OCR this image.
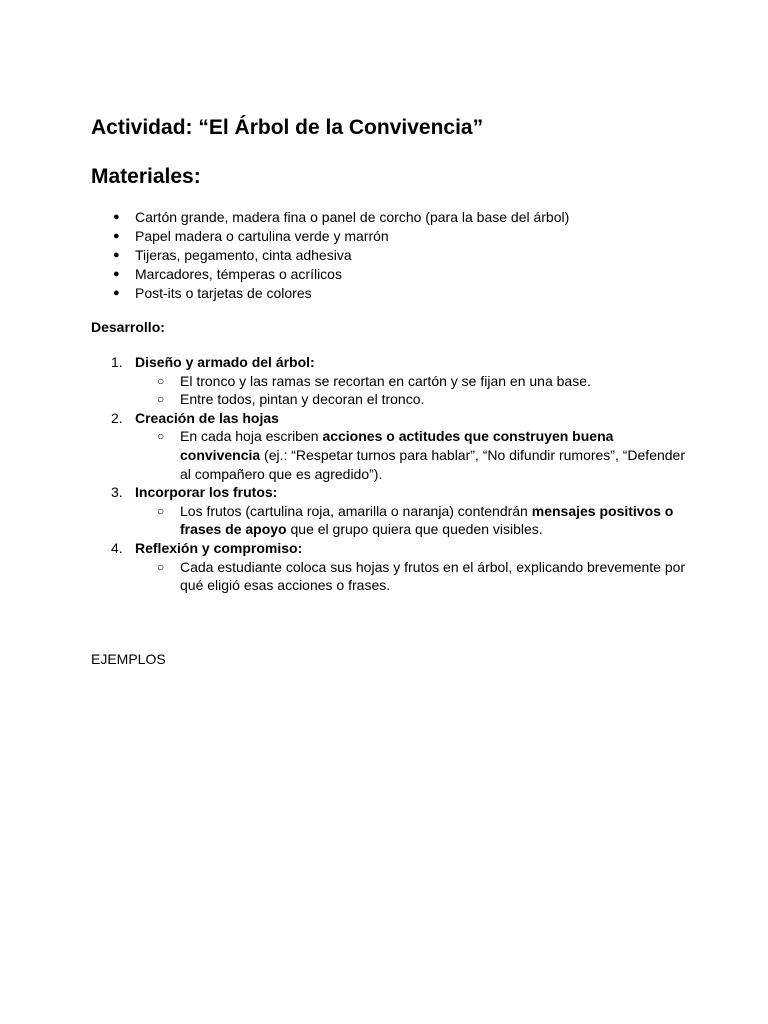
Actividad: “El Árbol de la Convivencia”
Materiales:
● Cartón grande, madera fina o panel de corcho (para la base del árbol)
● Papel madera o cartulina verde y marrón
● Tijeras, pegamento, cinta adhesiva
● Marcadores, témperas o acrílicos
● Post-its o tarjetas de colores
Desarrollo:
1. Diseño y armado del árbol:
○ El tronco y las ramas se recortan en cartón y se fijan en una base.
○ Entre todos, pintan y decoran el tronco.
2. Creación de las hojas
○ En cada hoja escriben acciones o actitudes que construyen buena convivencia (ej.: “Respetar turnos para hablar”, “No difundir rumores”, “Defender al compañero que es agredido”).
3. Incorporar los frutos:
○ Los frutos (cartulina roja, amarilla o naranja) contendrán mensajes positivos o frases de apoyo que el grupo quiera que queden visibles.
4. Reflexión y compromiso:
○ Cada estudiante coloca sus hojas y frutos en el árbol, explicando brevemente por qué eligió esas acciones o frases.
EJEMPLOS
